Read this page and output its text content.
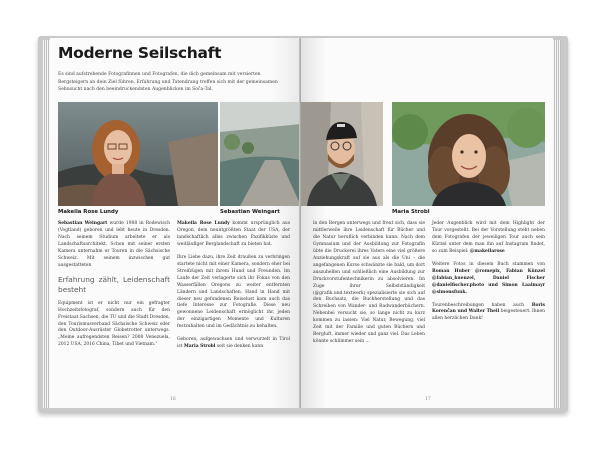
Moderne Seilschaft

Es sind aufstrebende Fotografinnen und Fotografen, die dich gemeinsam mit versierten Bergsteigern an dein Ziel führen. Erfahrung und Tatendrang treffen sich mit der gemeinsamen Sehnsucht nach den beeindruckendsten Augenblicken im Soča-Tal.

Makeila Rose Lundy	Sebastian Weingart

Sebastian Weingart wurde 1988 in Rodewisch (Vogtland) geboren und lebt heute in Dresden. Nach seinem Studium arbeitete er als Landschaftsarchitekt. Schon mit seiner ersten Kamera unternahm er Touren in die Sächsische Schweiz. Mit seinem inzwischen gut ausgestatteten

Erfahrung zählt, Leidenschaft besteht

Equipment ist er nicht nur ein gefragter Hochzeitsfotograf, sondern auch für den Freistaat Sachsen, die TU und die Stadt Dresden, den Tourismusverband Sächsische Schweiz oder den Outdoor-Ausrüster Globetrotter unterwegs. „Meine aufregendsten Reisen? 2008 Venezuela, 2012 USA, 2016 China, Tibet und Vietnam.“

Makeila Rose Lundy kommt ursprünglich aus Oregon, dem neuntgrößten Staat der USA, der landschaftlich alles zwischen Pazifikküste und weitläufiger Berglandschaft zu bieten hat.

Ihre Liebe dazu, ihre Zeit draußen zu verbringen startete nicht mit einer Kamera, sondern eher bei Streifzügen mit ihrem Hund und Freunden. Im Laufe der Zeit verlagerte sich ihr Fokus von den Wasserfällen Oregons zu weiter entfernten Ländern und Landschaften. Hand in Hand mit dieser neu gefundenen Reiselust kam auch das tiefe Interesse zur Fotografie. Diese neu gewonnene Leidenschaft ermöglicht ihr, jeden der einzigartigen Momente und Kulturen festzuhalten und im Gedächtnis zu behalten.

Geboren, aufgewachsen und verwurzelt in Tirol ist Maria Strobl seit sie denken kann

16
Maria Strobl

in den Bergen unterwegs und freut sich, dass sie mittlerweile ihre Leidenschaft für Bücher und die Natur beruflich verbinden kann. Nach dem Gymnasium und der Ausbildung zur Fotografin übte die Druckerei ihres Vaters eine viel größere Anziehungskraft auf sie aus als die Uni – die angefangenen Kurse schwänzte sie bald, um dort auszuhelfen und schließlich eine Ausbildung zur Druckvorstufentechnikerin zu absolvieren. Im Zuge ihrer Selbstständigkeit (@grafik.und.textwerk) spezialisierte sie sich auf den Buchsatz, die Buchherstellung und das Schreiben von Wander- und Radwanderbüchern. Nebenbei versucht sie, so lange nicht zu kurz kommen zu lassen: Viel Natur, Bewegung, viel Zeit mit der Familie und guten Büchern und Bergluft, immer wieder und ganz viel. Das Leben könnte schlimmer sein …

Jeder Augenblick wird mit dem Highlight der Tour vorgestellt. Bei der Vorstellung steht neben dem Fotografen der jeweiligen Tour auch sein Kürzel unter dem man ihn auf Instagram findet, so zum Beispiel: @makeilarose

Weitere Fotos in diesem Buch stammen von Roman Huber @romepix, Fabian Künzel @fabian_kuenzel, Daniel Fischer @danielfischer.photo und Simon Laalmayr @simonsfunk.

Tourenbeschreibungen haben auch Boris Korenčan und Walter Theil beigesteuert. Ihnen allen herzlichen Dank!

17
